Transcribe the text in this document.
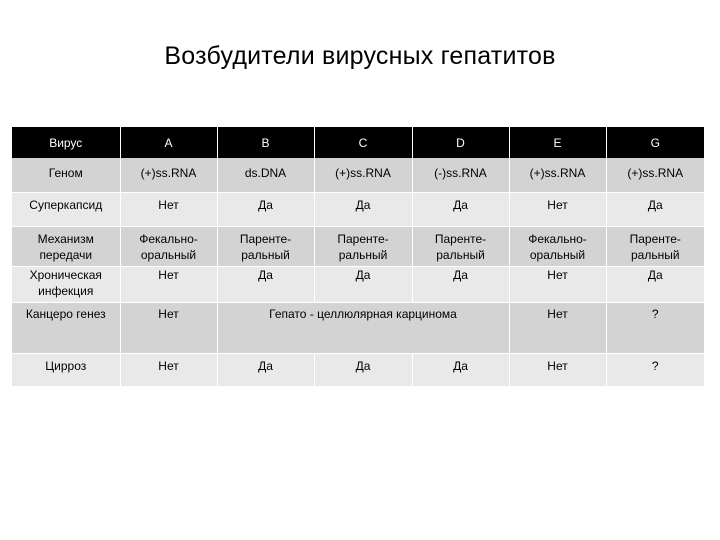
Возбудители вирусных гепатитов
Вирус	A	B	C	D	E	G
Геном	(+)ss.RNA	ds.DNA	(+)ss.RNA	(-)ss.RNA	(+)ss.RNA	(+)ss.RNA
Суперкапсид	Нет	Да	Да	Да	Нет	Да
Механизм передачи	Фекально-оральный	Паренте-ральный	Паренте-ральный	Паренте-ральный	Фекально-оральный	Паренте-ральный
Хроническая инфекция	Нет	Да	Да	Да	Нет	Да
Канцеро генез	Нет	Гепато - целлюлярная карцинома			Нет	?
Цирроз	Нет	Да	Да	Да	Нет	?
